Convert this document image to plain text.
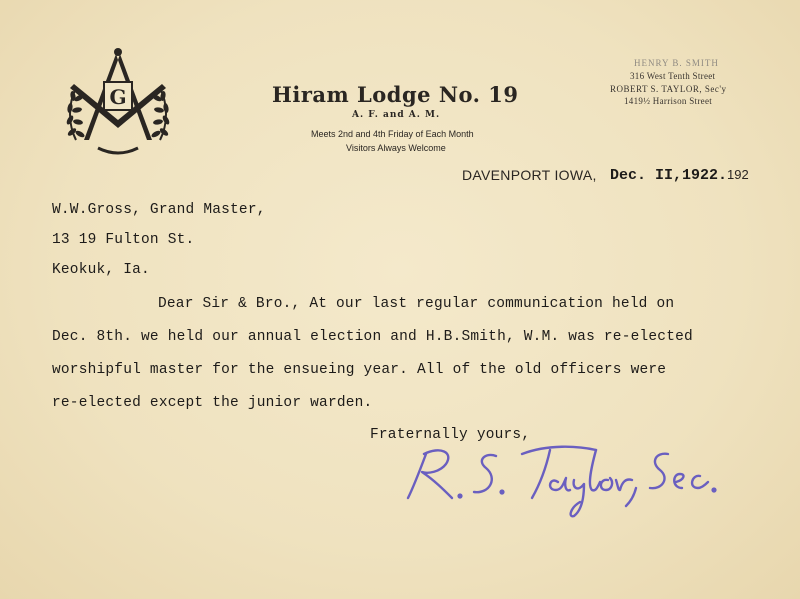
G	Hiram Lodge No. 19
A. F. and A. M.
Meets 2nd and 4th Friday of Each Month
Visitors Always Welcome
HENRY B. SMITH
316 West Tenth Street
ROBERT S. TAYLOR, Sec'y
1419½ Harrison Street
DAVENPORT IOWA, Dec. II,1922.192
W.W.Gross, Grand Master,
13 19 Fulton St.
Keokuk, Ia.
Dear Sir & Bro., At our last regular communication held on
Dec. 8th. we held our annual election and H.B.Smith, W.M. was re-elected
worshipful master for the ensueing year. All of the old officers were
re-elected except the junior warden.
Fraternally yours,
